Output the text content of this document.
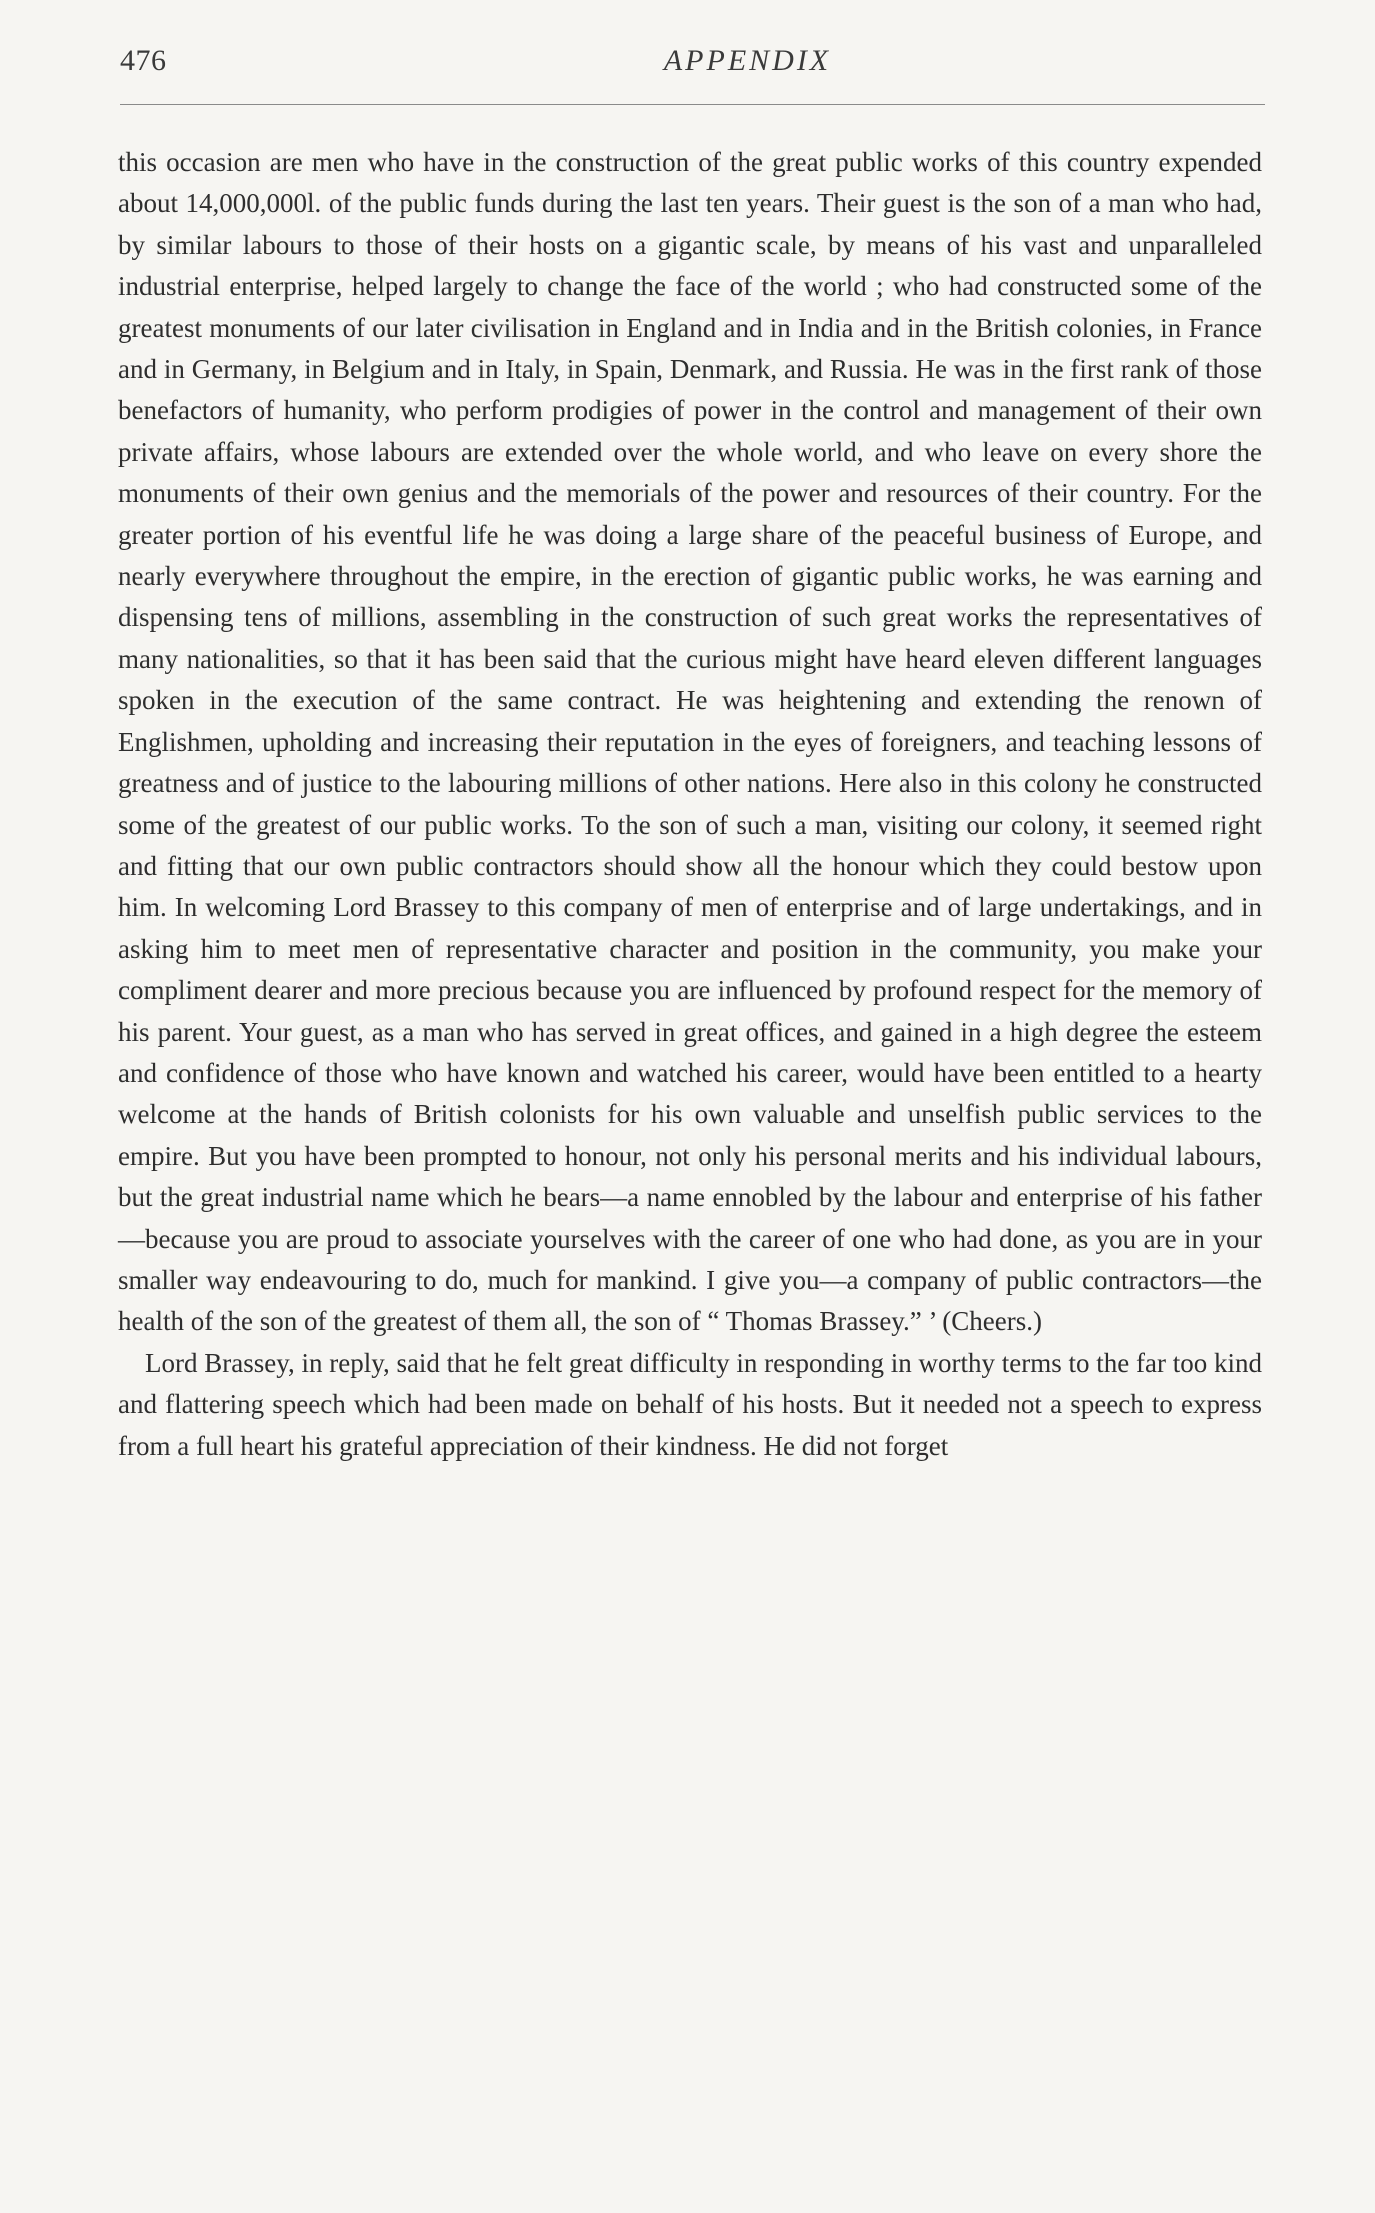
476	APPENDIX

this occasion are men who have in the construction of the great public works of this country expended about 14,000,000l. of the public funds during the last ten years. Their guest is the son of a man who had, by similar labours to those of their hosts on a gigantic scale, by means of his vast and unparalleled industrial enterprise, helped largely to change the face of the world ; who had constructed some of the greatest monuments of our later civilisation in England and in India and in the British colonies, in France and in Germany, in Belgium and in Italy, in Spain, Denmark, and Russia. He was in the first rank of those benefactors of humanity, who perform prodigies of power in the control and management of their own private affairs, whose labours are extended over the whole world, and who leave on every shore the monuments of their own genius and the memorials of the power and resources of their country. For the greater portion of his eventful life he was doing a large share of the peaceful business of Europe, and nearly everywhere throughout the empire, in the erection of gigantic public works, he was earning and dispensing tens of millions, assembling in the construction of such great works the representatives of many nationalities, so that it has been said that the curious might have heard eleven different languages spoken in the execution of the same contract. He was heightening and extending the renown of Englishmen, upholding and increasing their reputation in the eyes of foreigners, and teaching lessons of greatness and of justice to the labouring millions of other nations. Here also in this colony he constructed some of the greatest of our public works. To the son of such a man, visiting our colony, it seemed right and fitting that our own public contractors should show all the honour which they could bestow upon him. In welcoming Lord Brassey to this company of men of enterprise and of large undertakings, and in asking him to meet men of representative character and position in the community, you make your compliment dearer and more precious because you are influenced by profound respect for the memory of his parent. Your guest, as a man who has served in great offices, and gained in a high degree the esteem and confidence of those who have known and watched his career, would have been entitled to a hearty welcome at the hands of British colonists for his own valuable and unselfish public services to the empire. But you have been prompted to honour, not only his personal merits and his individual labours, but the great industrial name which he bears—a name ennobled by the labour and enterprise of his father—because you are proud to associate yourselves with the career of one who had done, as you are in your smaller way endeavouring to do, much for mankind. I give you—a company of public contractors—the health of the son of the greatest of them all, the son of “ Thomas Brassey.” ’ (Cheers.)

Lord Brassey, in reply, said that he felt great difficulty in responding in worthy terms to the far too kind and flattering speech which had been made on behalf of his hosts. But it needed not a speech to express from a full heart his grateful appreciation of their kindness. He did not forget
